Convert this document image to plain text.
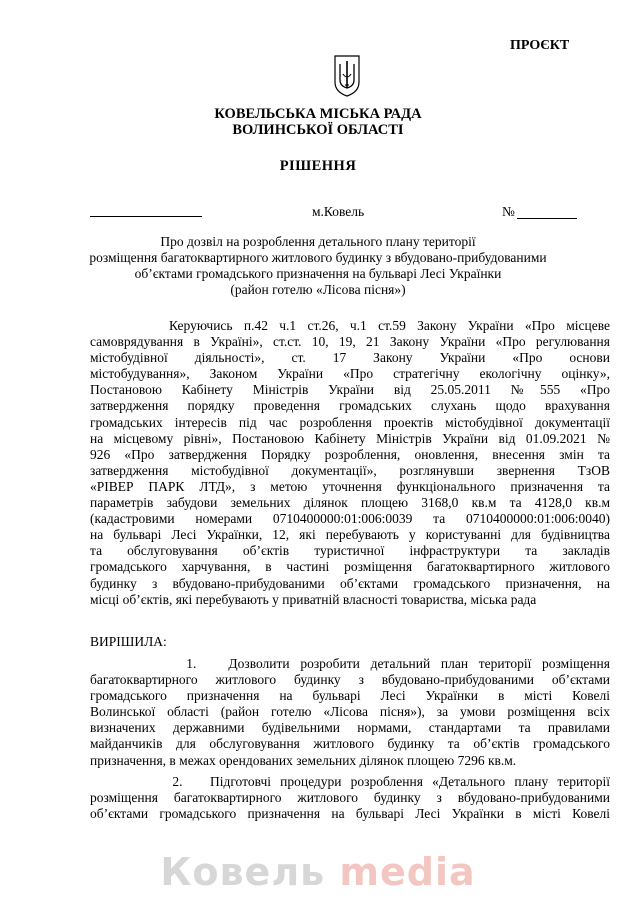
ПРОЄКТ
КОВЕЛЬСЬКА МІСЬКА РАДА
ВОЛИНСЬКОЇ ОБЛАСТІ
РІШЕННЯ
м.Ковель	№
Про дозвіл на розроблення детального плану території
розміщення багатоквартирного житлового будинку з вбудовано-прибудованими
об’єктами громадського призначення на бульварі Лесі Українки
(район готелю «Лісова пісня»)
Керуючись п.42 ч.1 ст.26, ч.1 ст.59 Закону України «Про місцеве
самоврядування в Україні», ст.ст. 10, 19, 21 Закону України «Про регулювання
містобудівної діяльності», ст. 17 Закону України «Про основи
містобудування», Законом України «Про стратегічну екологічну оцінку»,
Постановою Кабінету Міністрів України від 25.05.2011 №555 «Про
затвердження порядку проведення громадських слухань щодо врахування
громадських інтересів під час розроблення проектів містобудівної документації
на місцевому рівні», Постановою Кабінету Міністрів України від 01.09.2021 №
926 «Про затвердження Порядку розроблення, оновлення, внесення змін та
затвердження містобудівної документації», розглянувши звернення ТзОВ
«РІВЕР ПАРК ЛТД», з метою уточнення функціонального призначення та
параметрів забудови земельних ділянок площею 3168,0 кв.м та 4128,0 кв.м
(кадастровими номерами 0710400000:01:006:0039 та 0710400000:01:006:0040)
на бульварі Лесі Українки, 12, які перебувають у користуванні для будівництва
та обслуговування об’єктів туристичної інфраструктури та закладів
громадського харчування, в частині розміщення багатоквартирного житлового
будинку з вбудовано-прибудованими об’єктами громадського призначення, на
місці об’єктів, які перебувають у приватній власності товариства, міська рада
ВИРІШИЛА:
1.   Дозволити розробити детальний план території розміщення
багатоквартирного житлового будинку з вбудовано-прибудованими об’єктами
громадського призначення на бульварі Лесі Українки в місті Ковелі
Волинської області (район готелю «Лісова пісня»), за умови розміщення всіх
визначених державними будівельними нормами, стандартами та правилами
майданчиків для обслуговування житлового будинку та об’єктів громадського
призначення, в межах орендованих земельних ділянок площею 7296 кв.м.
2.   Підготовчі процедури розроблення «Детального плану території
розміщення багатоквартирного житлового будинку з вбудовано-прибудованими
об’єктами громадського призначення на бульварі Лесі Українки в місті Ковелі
Ковель media
